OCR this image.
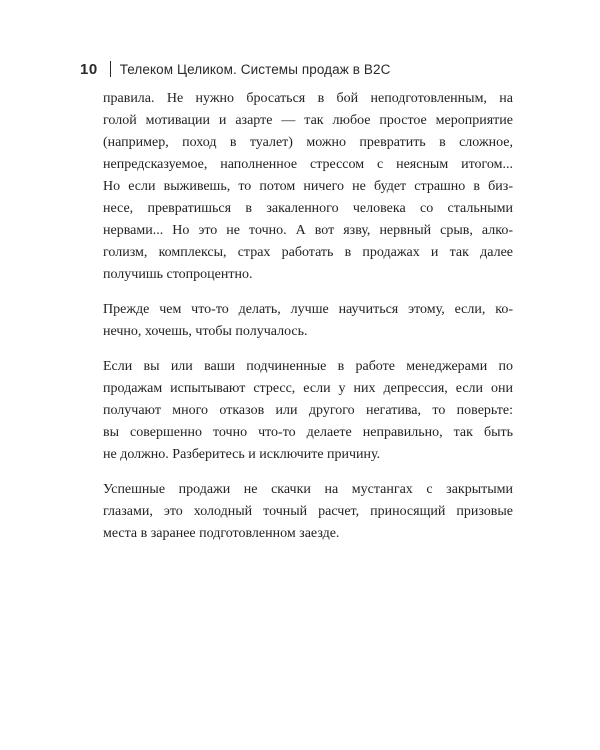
10 Телеком Целиком. Системы продаж в B2C

правила. Не нужно бросаться в бой неподготовленным, на
голой мотивации и азарте — так любое простое мероприятие
(например, поход в туалет) можно превратить в сложное,
непредсказуемое, наполненное стрессом с неясным итогом...
Но если выживешь, то потом ничего не будет страшно в биз-
несе, превратишься в закаленного человека со стальными
нервами... Но это не точно. А вот язву, нервный срыв, алко-
голизм, комплексы, страх работать в продажах и так далее
получишь стопроцентно.

Прежде чем что-то делать, лучше научиться этому, если, ко-
нечно, хочешь, чтобы получалось.

Если вы или ваши подчиненные в работе менеджерами по
продажам испытывают стресс, если у них депрессия, если они
получают много отказов или другого негатива, то поверьте:
вы совершенно точно что-то делаете неправильно, так быть
не должно. Разберитесь и исключите причину.

Успешные продажи не скачки на мустангах с закрытыми
глазами, это холодный точный расчет, приносящий призовые
места в заранее подготовленном заезде.
